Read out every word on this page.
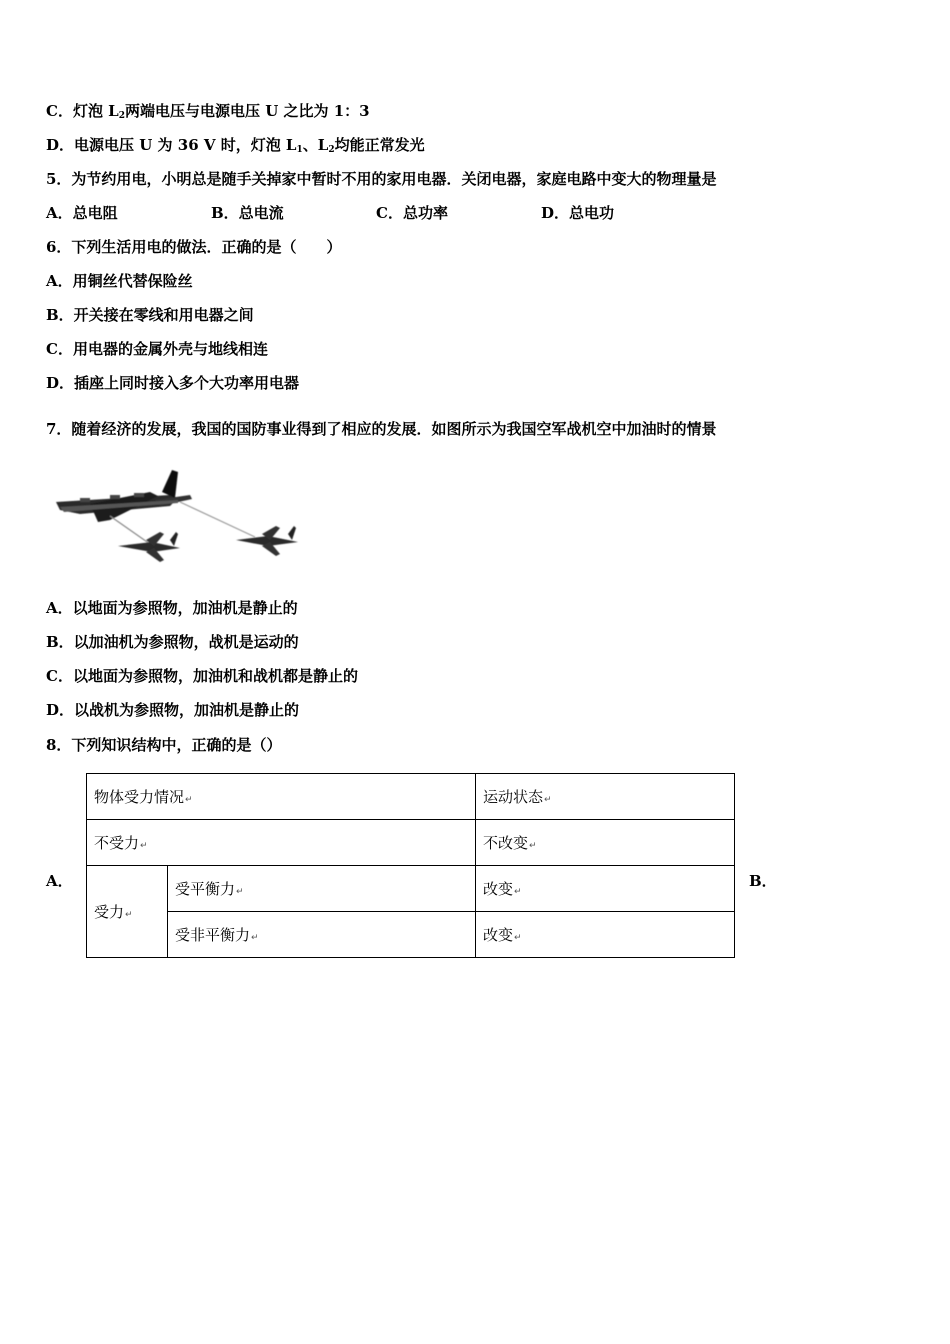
C．灯泡 $L_2$两端电压与电源电压 U 之比为 1：3
D．电源电压 U 为 36 V 时，灯泡 $L_1$、$L_2$均能正常发光
5．为节约用电，小明总是随手关掉家中暂时不用的家用电器．关闭电器，家庭电路中变大的物理量是
A．总电阻	B．总电流	C．总功率	D．总电功
6．下列生活用电的做法．正确的是（　　）
A．用铜丝代替保险丝
B．开关接在零线和用电器之间
C．用电器的金属外壳与地线相连
D．插座上同时接入多个大功率用电器
7．随着经济的发展，我国的国防事业得到了相应的发展．如图所示为我国空军战机空中加油时的情景
A．以地面为参照物，加油机是静止的
B．以加油机为参照物，战机是运动的
C．以地面为参照物，加油机和战机都是静止的
D．以战机为参照物，加油机是静止的
8．下列知识结构中，正确的是（）
A．
物体受力情况↵		运动状态↵
不受力↵		不改变↵
受力↵	受平衡力↵	改变↵
	受非平衡力↵	改变↵
B．
